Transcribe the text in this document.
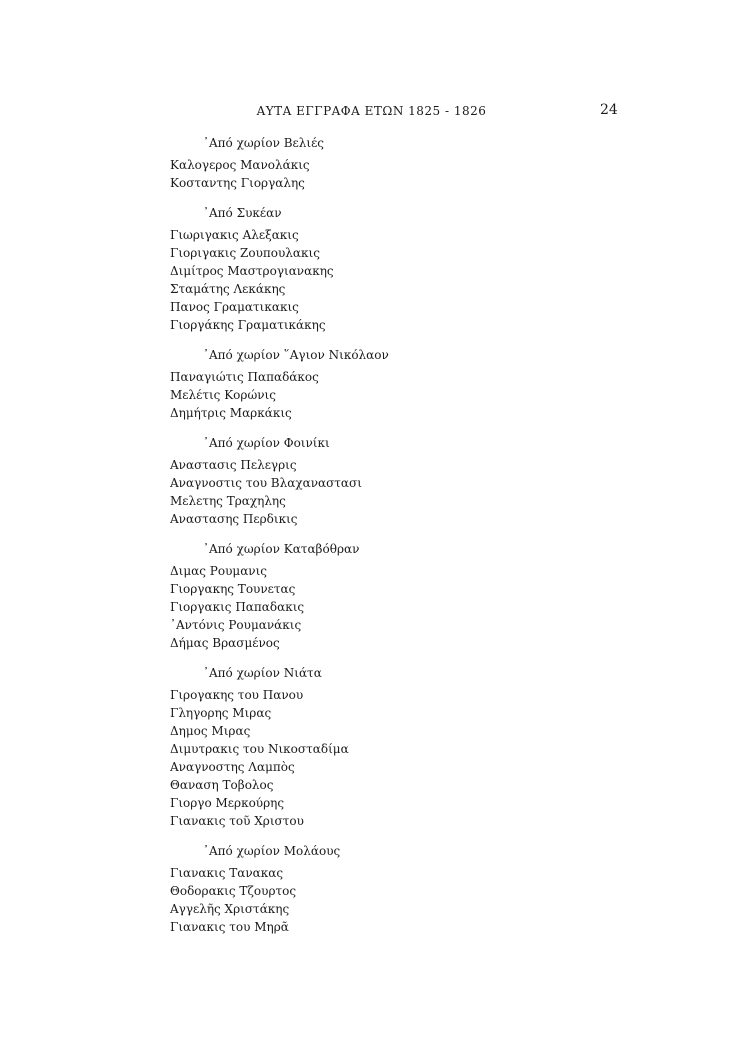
ΑΥΤΑ ΕΓΓΡΑΦΑ ΕΤΩΝ 1825 - 1826	24
᾿Από χωρίον Βελιές
Καλογερος Μανολάκις
Κοσταντης Γιοργαλης
᾿Από Συκέαν
Γιωριγακις Αλεξακις
Γιοριγακις Ζουπουλακις
Διμίτρος Μαστρογιανακης
Σταμάτης Λεκάκης
Πανος Γραματικακις
Γιοργάκης Γραματικάκης
᾿Από χωρίον ῞Αγιον Νικόλαον
Παναγιώτις Παπαδάκος
Μελέτις Κορώνις
Δημήτρις Μαρκάκις
᾿Από χωρίον Φοινίκι
Αναστασις Πελεγρις
Αναγνοστις του Βλαχαναστασι
Μελετης Τραχηλης
Αναστασης Περδικις
᾿Από χωρίον Καταβόθραν
Διμας Ρουμανις
Γιοργακης Τουνετας
Γιοργακις Παπαδακις
᾿Αντόνις Ρουμανάκις
Δήμας Βρασμένος
᾿Από χωρίον Νιάτα
Γιρογακης του Πανου
Γληγορης Μιρας
Δημος Μιρας
Διμυτρακις του Νικοσταδίμα
Αναγνοστης Λαμπὸς
Θαναση Τοβολος
Γιοργο Μερκούρης
Γιανακις τοῦ Χριστου
᾿Από χωρίον Μολάους
Γιανακις Τανακας
Θοδορακις Τζουρτος
Αγγελῆς Χριστάκης
Γιανακις του Μηρᾶ
